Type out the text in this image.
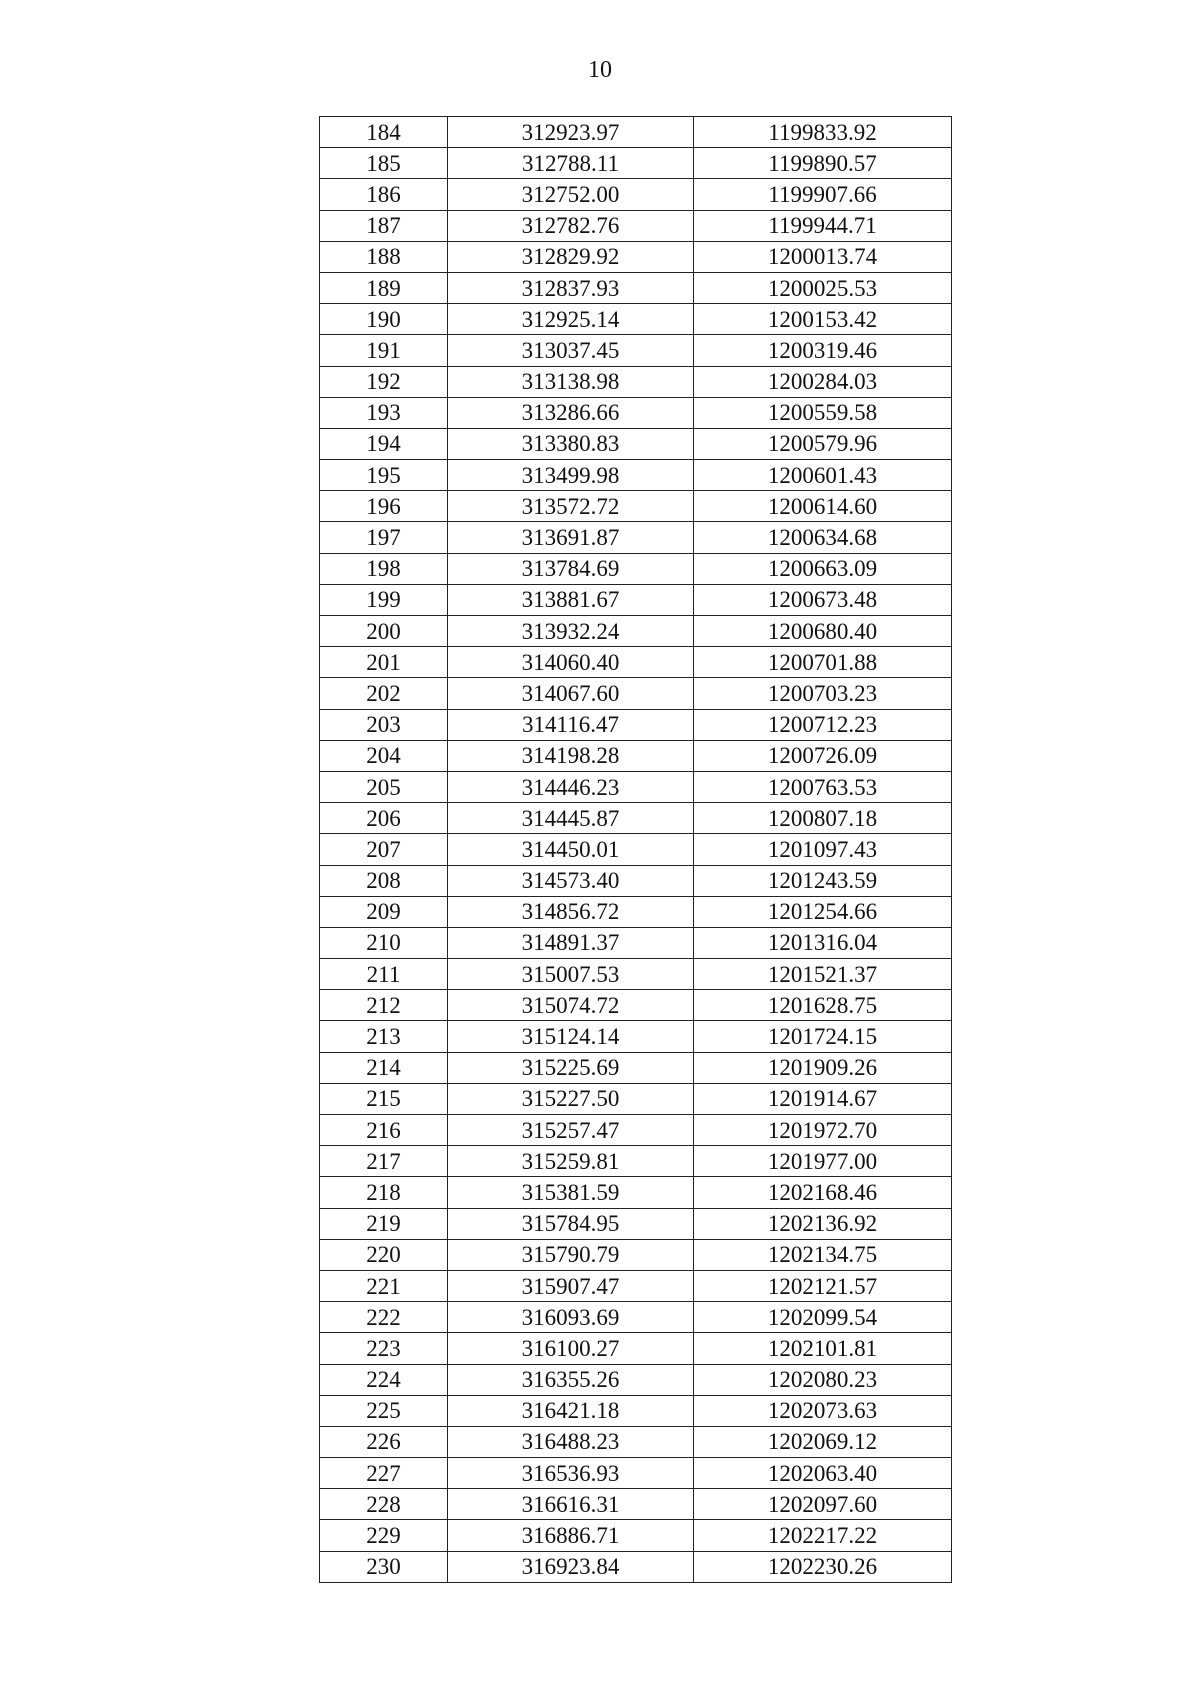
10
184	312923.97	1199833.92
185	312788.11	1199890.57
186	312752.00	1199907.66
187	312782.76	1199944.71
188	312829.92	1200013.74
189	312837.93	1200025.53
190	312925.14	1200153.42
191	313037.45	1200319.46
192	313138.98	1200284.03
193	313286.66	1200559.58
194	313380.83	1200579.96
195	313499.98	1200601.43
196	313572.72	1200614.60
197	313691.87	1200634.68
198	313784.69	1200663.09
199	313881.67	1200673.48
200	313932.24	1200680.40
201	314060.40	1200701.88
202	314067.60	1200703.23
203	314116.47	1200712.23
204	314198.28	1200726.09
205	314446.23	1200763.53
206	314445.87	1200807.18
207	314450.01	1201097.43
208	314573.40	1201243.59
209	314856.72	1201254.66
210	314891.37	1201316.04
211	315007.53	1201521.37
212	315074.72	1201628.75
213	315124.14	1201724.15
214	315225.69	1201909.26
215	315227.50	1201914.67
216	315257.47	1201972.70
217	315259.81	1201977.00
218	315381.59	1202168.46
219	315784.95	1202136.92
220	315790.79	1202134.75
221	315907.47	1202121.57
222	316093.69	1202099.54
223	316100.27	1202101.81
224	316355.26	1202080.23
225	316421.18	1202073.63
226	316488.23	1202069.12
227	316536.93	1202063.40
228	316616.31	1202097.60
229	316886.71	1202217.22
230	316923.84	1202230.26
